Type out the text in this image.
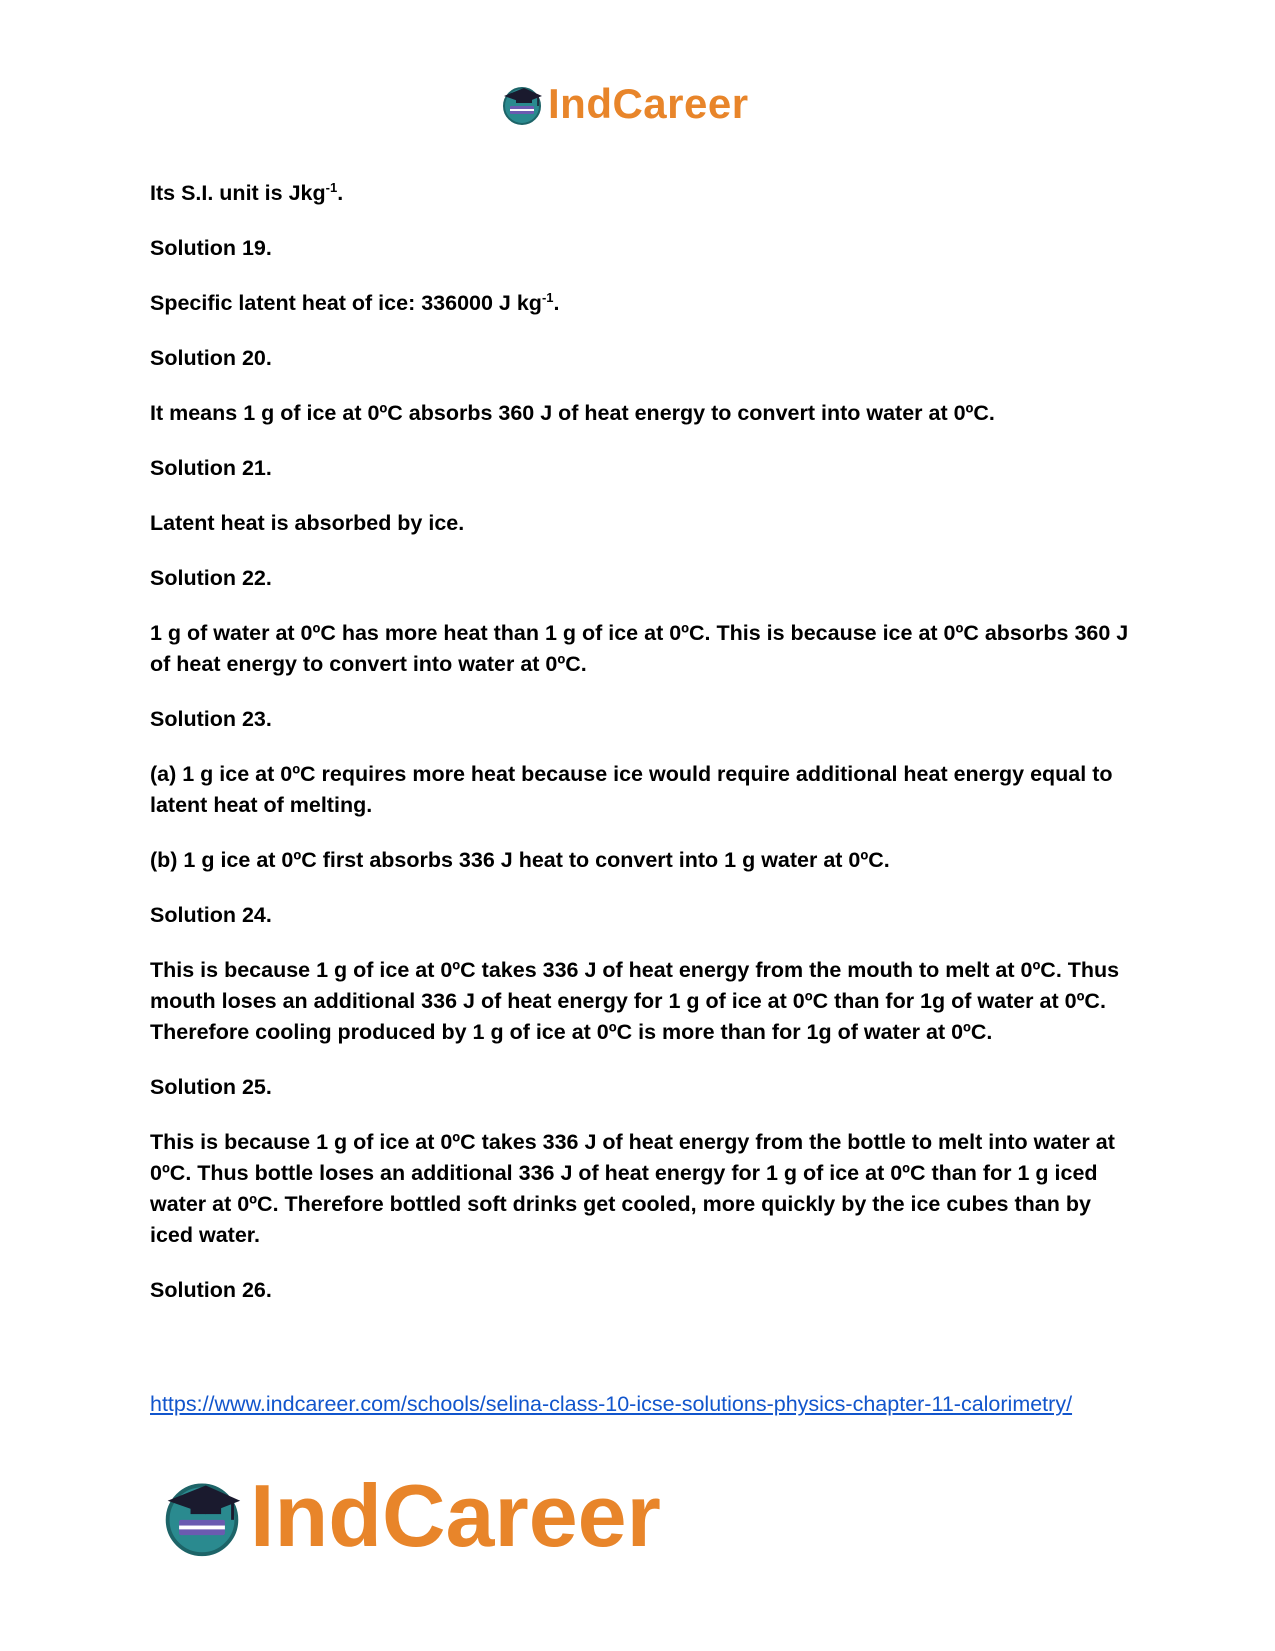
IndCareer

Its S.I. unit is Jkg$^{-1}$.

Solution 19.

Specific latent heat of ice: 336000 J $kg^{-1}$.

Solution 20.

It means 1 g of ice at 0ºC absorbs 360 J of heat energy to convert into water at 0ºC.

Solution 21.

Latent heat is absorbed by ice.

Solution 22.

1 g of water at 0ºC has more heat than 1 g of ice at 0ºC. This is because ice at 0ºC absorbs 360 J of heat energy to convert into water at 0ºC.

Solution 23.

(a) 1 g ice at 0ºC requires more heat because ice would require additional heat energy equal to latent heat of melting.

(b) 1 g ice at 0ºC first absorbs 336 J heat to convert into 1 g water at 0ºC.

Solution 24.

This is because 1 g of ice at 0ºC takes 336 J of heat energy from the mouth to melt at 0ºC. Thus mouth loses an additional 336 J of heat energy for 1 g of ice at 0ºC than for 1g of water at 0ºC. Therefore cooling produced by 1 g of ice at 0ºC is more than for 1g of water at 0ºC.

Solution 25.

This is because 1 g of ice at 0ºC takes 336 J of heat energy from the bottle to melt into water at 0ºC. Thus bottle loses an additional 336 J of heat energy for 1 g of ice at 0ºC than for 1 g iced water at 0ºC. Therefore bottled soft drinks get cooled, more quickly by the ice cubes than by iced water.

Solution 26.

https://www.indcareer.com/schools/selina-class-10-icse-solutions-physics-chapter-11-calorimetry/
IndCareer
